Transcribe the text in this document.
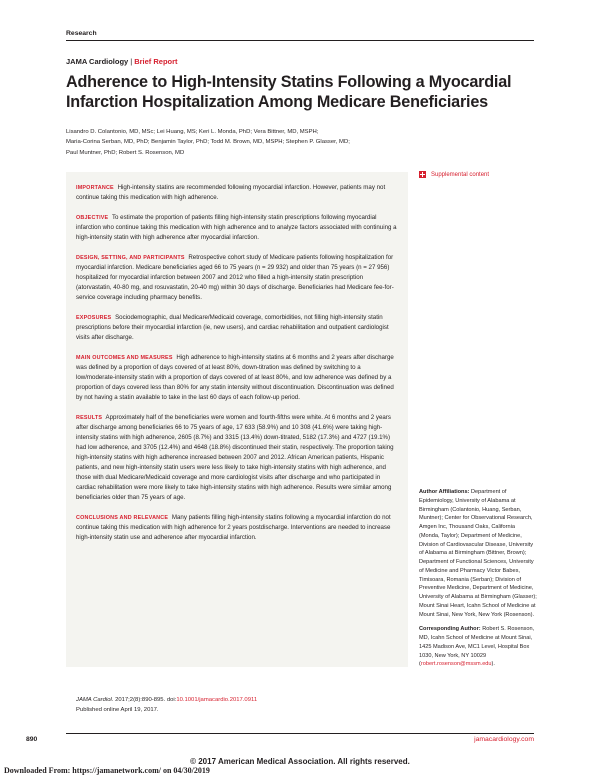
Research
JAMA Cardiology | Brief Report
Adherence to High-Intensity Statins Following a Myocardial Infarction Hospitalization Among Medicare Beneficiaries
Lisandro D. Colantonio, MD, MSc; Lei Huang, MS; Keri L. Monda, PhD; Vera Bittner, MD, MSPH;
Maria-Corina Serban, MD, PhD; Benjamin Taylor, PhD; Todd M. Brown, MD, MSPH; Stephen P. Glasser, MD;
Paul Muntner, PhD; Robert S. Rosenson, MD
Supplemental content

IMPORTANCE High-intensity statins are recommended following myocardial infarction. However, patients may not continue taking this medication with high adherence.

OBJECTIVE To estimate the proportion of patients filling high-intensity statin prescriptions following myocardial infarction who continue taking this medication with high adherence and to analyze factors associated with continuing a high-intensity statin with high adherence after myocardial infarction.

DESIGN, SETTING, AND PARTICIPANTS Retrospective cohort study of Medicare patients following hospitalization for myocardial infarction. Medicare beneficiaries aged 66 to 75 years (n = 29 932) and older than 75 years (n = 27 956) hospitalized for myocardial infarction between 2007 and 2012 who filled a high-intensity statin prescription (atorvastatin, 40-80 mg, and rosuvastatin, 20-40 mg) within 30 days of discharge. Beneficiaries had Medicare fee-for-service coverage including pharmacy benefits.

EXPOSURES Sociodemographic, dual Medicare/Medicaid coverage, comorbidities, not filling high-intensity statin prescriptions before their myocardial infarction (ie, new users), and cardiac rehabilitation and outpatient cardiologist visits after discharge.

MAIN OUTCOMES AND MEASURES High adherence to high-intensity statins at 6 months and 2 years after discharge was defined by a proportion of days covered of at least 80%, down-titration was defined by switching to a low/moderate-intensity statin with a proportion of days covered of at least 80%, and low adherence was defined by a proportion of days covered less than 80% for any statin intensity without discontinuation. Discontinuation was defined by not having a statin available to take in the last 60 days of each follow-up period.

RESULTS Approximately half of the beneficiaries were women and fourth-fifths were white. At 6 months and 2 years after discharge among beneficiaries 66 to 75 years of age, 17 633 (58.9%) and 10 308 (41.6%) were taking high-intensity statins with high adherence, 2605 (8.7%) and 3315 (13.4%) down-titrated, 5182 (17.3%) and 4727 (19.1%) had low adherence, and 3705 (12.4%) and 4648 (18.8%) discontinued their statin, respectively. The proportion taking high-intensity statins with high adherence increased between 2007 and 2012. African American patients, Hispanic patients, and new high-intensity statin users were less likely to take high-intensity statins with high adherence, and those with dual Medicare/Medicaid coverage and more cardiologist visits after discharge and who participated in cardiac rehabilitation were more likely to take high-intensity statins with high adherence. Results were similar among beneficiaries older than 75 years of age.

CONCLUSIONS AND RELEVANCE Many patients filling high-intensity statins following a myocardial infarction do not continue taking this medication with high adherence for 2 years postdischarge. Interventions are needed to increase high-intensity statin use and adherence after myocardial infarction.

JAMA Cardiol. 2017;2(8):890-895. doi:10.1001/jamacardio.2017.0911
Published online April 19, 2017.

Author Affiliations: Department of Epidemiology, University of Alabama at Birmingham (Colantonio, Huang, Serban, Muntner); Center for Observational Research, Amgen Inc, Thousand Oaks, California (Monda, Taylor); Department of Medicine, Division of Cardiovascular Disease, University of Alabama at Birmingham (Bittner, Brown); Department of Functional Sciences, University of Medicine and Pharmacy Victor Babes, Timisoara, Romania (Serban); Division of Preventive Medicine, Department of Medicine, University of Alabama at Birmingham (Glasser); Mount Sinai Heart, Icahn School of Medicine at Mount Sinai, New York, New York (Rosenson).

Corresponding Author: Robert S. Rosenson, MD, Icahn School of Medicine at Mount Sinai, 1425 Madison Ave, MC1 Level, Hospital Box 1030, New York, NY 10029 (robert.rosenson@mssm.edu).

890	jamacardiology.com
© 2017 American Medical Association. All rights reserved.
Downloaded From: https://jamanetwork.com/ on 04/30/2019
